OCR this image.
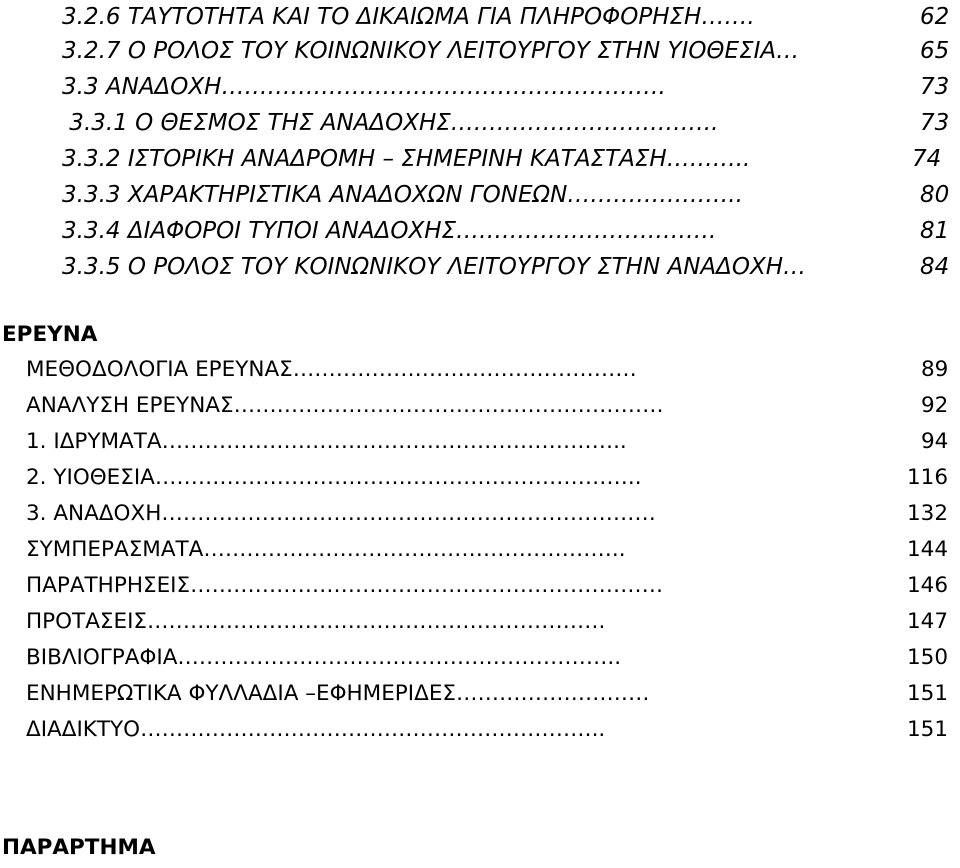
3.2.6 ΤΑΥΤΟΤΗΤΑ ΚΑΙ ΤΟ ΔΙΚΑΙΩΜΑ ΓΙΑ ΠΛΗΡΟΦΟΡΗΣΗ…….	62
3.2.7 Ο ΡΟΛΟΣ ΤΟΥ ΚΟΙΝΩΝΙΚΟΥ ΛΕΙΤΟΥΡΓΟΥ ΣΤΗΝ ΥΙΟΘΕΣΙΑ…	65
3.3 ΑΝΑΔΟΧΗ………………………………………………….	73
3.3.1 Ο ΘΕΣΜΟΣ ΤΗΣ ΑΝΑΔΟΧΗΣ……………………………..	73
3.3.2 ΙΣΤΟΡΙΚΗ ΑΝΑΔΡΟΜΗ – ΣΗΜΕΡΙΝΗ ΚΑΤΑΣΤΑΣΗ………..	74
3.3.3 ΧΑΡΑΚΤΗΡΙΣΤΙΚΑ ΑΝΑΔΟΧΩΝ ΓΟΝΕΩΝ…………………..	80
3.3.4 ΔΙΑΦΟΡΟΙ ΤΥΠΟΙ ΑΝΑΔΟΧΗΣ…………………………….	81
3.3.5 Ο ΡΟΛΟΣ ΤΟΥ ΚΟΙΝΩΝΙΚΟΥ ΛΕΙΤΟΥΡΓΟΥ ΣΤΗΝ ΑΝΑΔΟΧΗ…	84
ΕΡΕΥΝΑ
ΜΕΘΟΔΟΛΟΓΙΑ ΕΡΕΥΝΑΣ…………………………………………	89
ΑΝΑΛΥΣΗ ΕΡΕΥΝΑΣ……………………………………………………	92
1. ΙΔΡΥΜΑΤΑ………………………………………………………..	94
2. ΥΙΟΘΕΣΙΑ…………………………………………………………..	116
3. ΑΝΑΔΟΧΗ……………………………………………………………	132
ΣΥΜΠΕΡΑΣΜΑΤΑ…………………………………………………..	144
ΠΑΡΑΤΗΡΗΣΕΙΣ…………………………………………………………	146
ΠΡΟΤΑΣΕΙΣ……………………………………………………….	147
ΒΙΒΛΙΟΓΡΑΦΙΑ……………………………………………………..	150
ΕΝΗΜΕΡΩΤΙΚΑ ΦΥΛΛΑΔΙΑ –ΕΦΗΜΕΡΙΔΕΣ………………………	151
ΔΙΑΔΙΚΤΥΟ………………………………………………………..	151
ΠΑΡΑΡΤΗΜΑ
